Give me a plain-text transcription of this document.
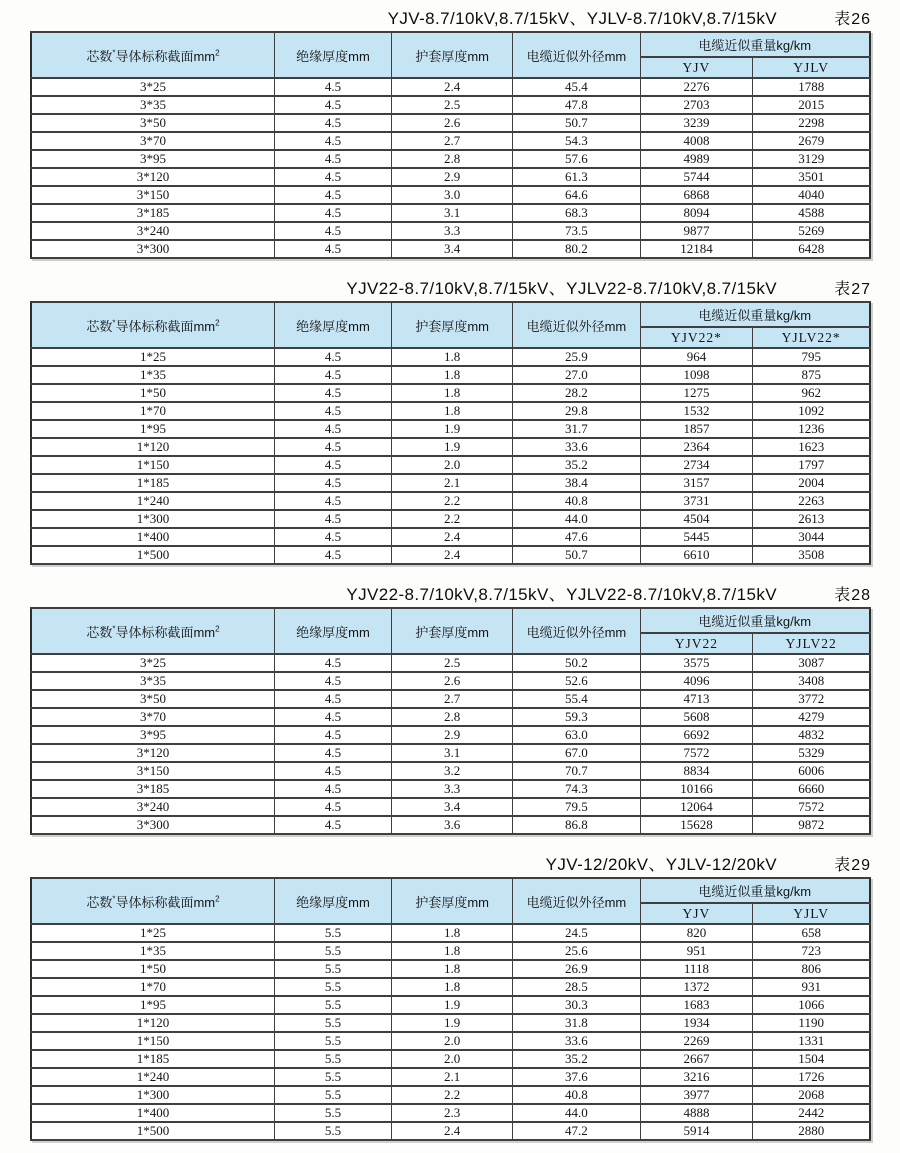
YJV-8.7/10kV,8.7/15kV、YJLV-8.7/10kV,8.7/15kV	表26
芯数*导体标称截面$mm^2$	绝缘厚度mm	护套厚度mm	电缆近似外径mm	电缆近似重量kg/km	
				YJV	YJLV
3*25	4.5	2.4	45.4	2276	1788
3*35	4.5	2.5	47.8	2703	2015
3*50	4.5	2.6	50.7	3239	2298
3*70	4.5	2.7	54.3	4008	2679
3*95	4.5	2.8	57.6	4989	3129
3*120	4.5	2.9	61.3	5744	3501
3*150	4.5	3.0	64.6	6868	4040
3*185	4.5	3.1	68.3	8094	4588
3*240	4.5	3.3	73.5	9877	5269
3*300	4.5	3.4	80.2	12184	6428
YJV22-8.7/10kV,8.7/15kV、YJLV22-8.7/10kV,8.7/15kV	表27
芯数*导体标称截面$mm^2$	绝缘厚度mm	护套厚度mm	电缆近似外径mm	电缆近似重量kg/km	
				YJV22*	YJLV22*
1*25	4.5	1.8	25.9	964	795
1*35	4.5	1.8	27.0	1098	875
1*50	4.5	1.8	28.2	1275	962
1*70	4.5	1.8	29.8	1532	1092
1*95	4.5	1.9	31.7	1857	1236
1*120	4.5	1.9	33.6	2364	1623
1*150	4.5	2.0	35.2	2734	1797
1*185	4.5	2.1	38.4	3157	2004
1*240	4.5	2.2	40.8	3731	2263
1*300	4.5	2.2	44.0	4504	2613
1*400	4.5	2.4	47.6	5445	3044
1*500	4.5	2.4	50.7	6610	3508
YJV22-8.7/10kV,8.7/15kV、YJLV22-8.7/10kV,8.7/15kV	表28
芯数*导体标称截面$mm^2$	绝缘厚度mm	护套厚度mm	电缆近似外径mm	电缆近似重量kg/km	
				YJV22	YJLV22
3*25	4.5	2.5	50.2	3575	3087
3*35	4.5	2.6	52.6	4096	3408
3*50	4.5	2.7	55.4	4713	3772
3*70	4.5	2.8	59.3	5608	4279
3*95	4.5	2.9	63.0	6692	4832
3*120	4.5	3.1	67.0	7572	5329
3*150	4.5	3.2	70.7	8834	6006
3*185	4.5	3.3	74.3	10166	6660
3*240	4.5	3.4	79.5	12064	7572
3*300	4.5	3.6	86.8	15628	9872
YJV-12/20kV、YJLV-12/20kV	表29
芯数*导体标称截面$mm^2$	绝缘厚度mm	护套厚度mm	电缆近似外径mm	电缆近似重量kg/km	
				YJV	YJLV
1*25	5.5	1.8	24.5	820	658
1*35	5.5	1.8	25.6	951	723
1*50	5.5	1.8	26.9	1118	806
1*70	5.5	1.8	28.5	1372	931
1*95	5.5	1.9	30.3	1683	1066
1*120	5.5	1.9	31.8	1934	1190
1*150	5.5	2.0	33.6	2269	1331
1*185	5.5	2.0	35.2	2667	1504
1*240	5.5	2.1	37.6	3216	1726
1*300	5.5	2.2	40.8	3977	2068
1*400	5.5	2.3	44.0	4888	2442
1*500	5.5	2.4	47.2	5914	2880
